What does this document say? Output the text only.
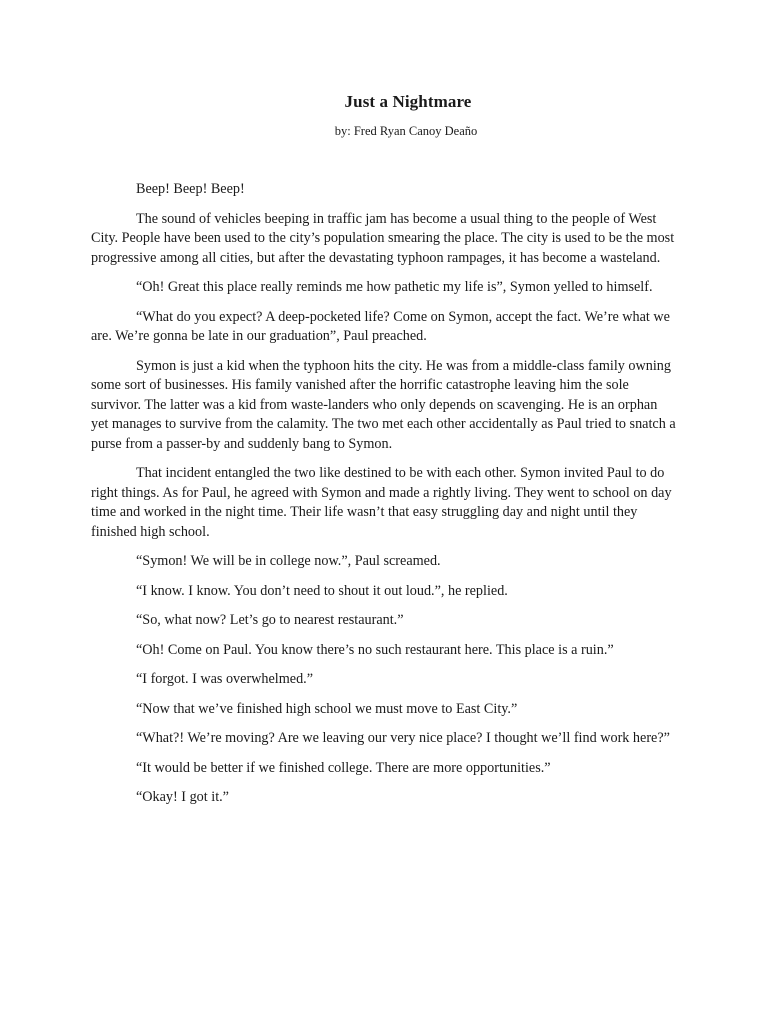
Just a Nightmare
by: Fred Ryan Canoy Deaño

Beep! Beep! Beep!

The sound of vehicles beeping in traffic jam has become a usual thing to the people of West City. People have been used to the city’s population smearing the place. The city is used to be the most progressive among all cities, but after the devastating typhoon rampages, it has become a wasteland.

“Oh! Great this place really reminds me how pathetic my life is”, Symon yelled to himself.

“What do you expect? A deep-pocketed life? Come on Symon, accept the fact. We’re what we are. We’re gonna be late in our graduation”, Paul preached.

Symon is just a kid when the typhoon hits the city. He was from a middle-class family owning some sort of businesses. His family vanished after the horrific catastrophe leaving him the sole survivor. The latter was a kid from waste-landers who only depends on scavenging. He is an orphan yet manages to survive from the calamity. The two met each other accidentally as Paul tried to snatch a purse from a passer-by and suddenly bang to Symon.

That incident entangled the two like destined to be with each other. Symon invited Paul to do right things. As for Paul, he agreed with Symon and made a rightly living. They went to school on day time and worked in the night time. Their life wasn’t that easy struggling day and night until they finished high school.

“Symon! We will be in college now.”, Paul screamed.

“I know. I know. You don’t need to shout it out loud.”, he replied.

“So, what now? Let’s go to nearest restaurant.”

“Oh! Come on Paul. You know there’s no such restaurant here. This place is a ruin.”

“I forgot. I was overwhelmed.”

“Now that we’ve finished high school we must move to East City.”

“What?! We’re moving? Are we leaving our very nice place? I thought we’ll find work here?”

“It would be better if we finished college. There are more opportunities.”

“Okay! I got it.”
